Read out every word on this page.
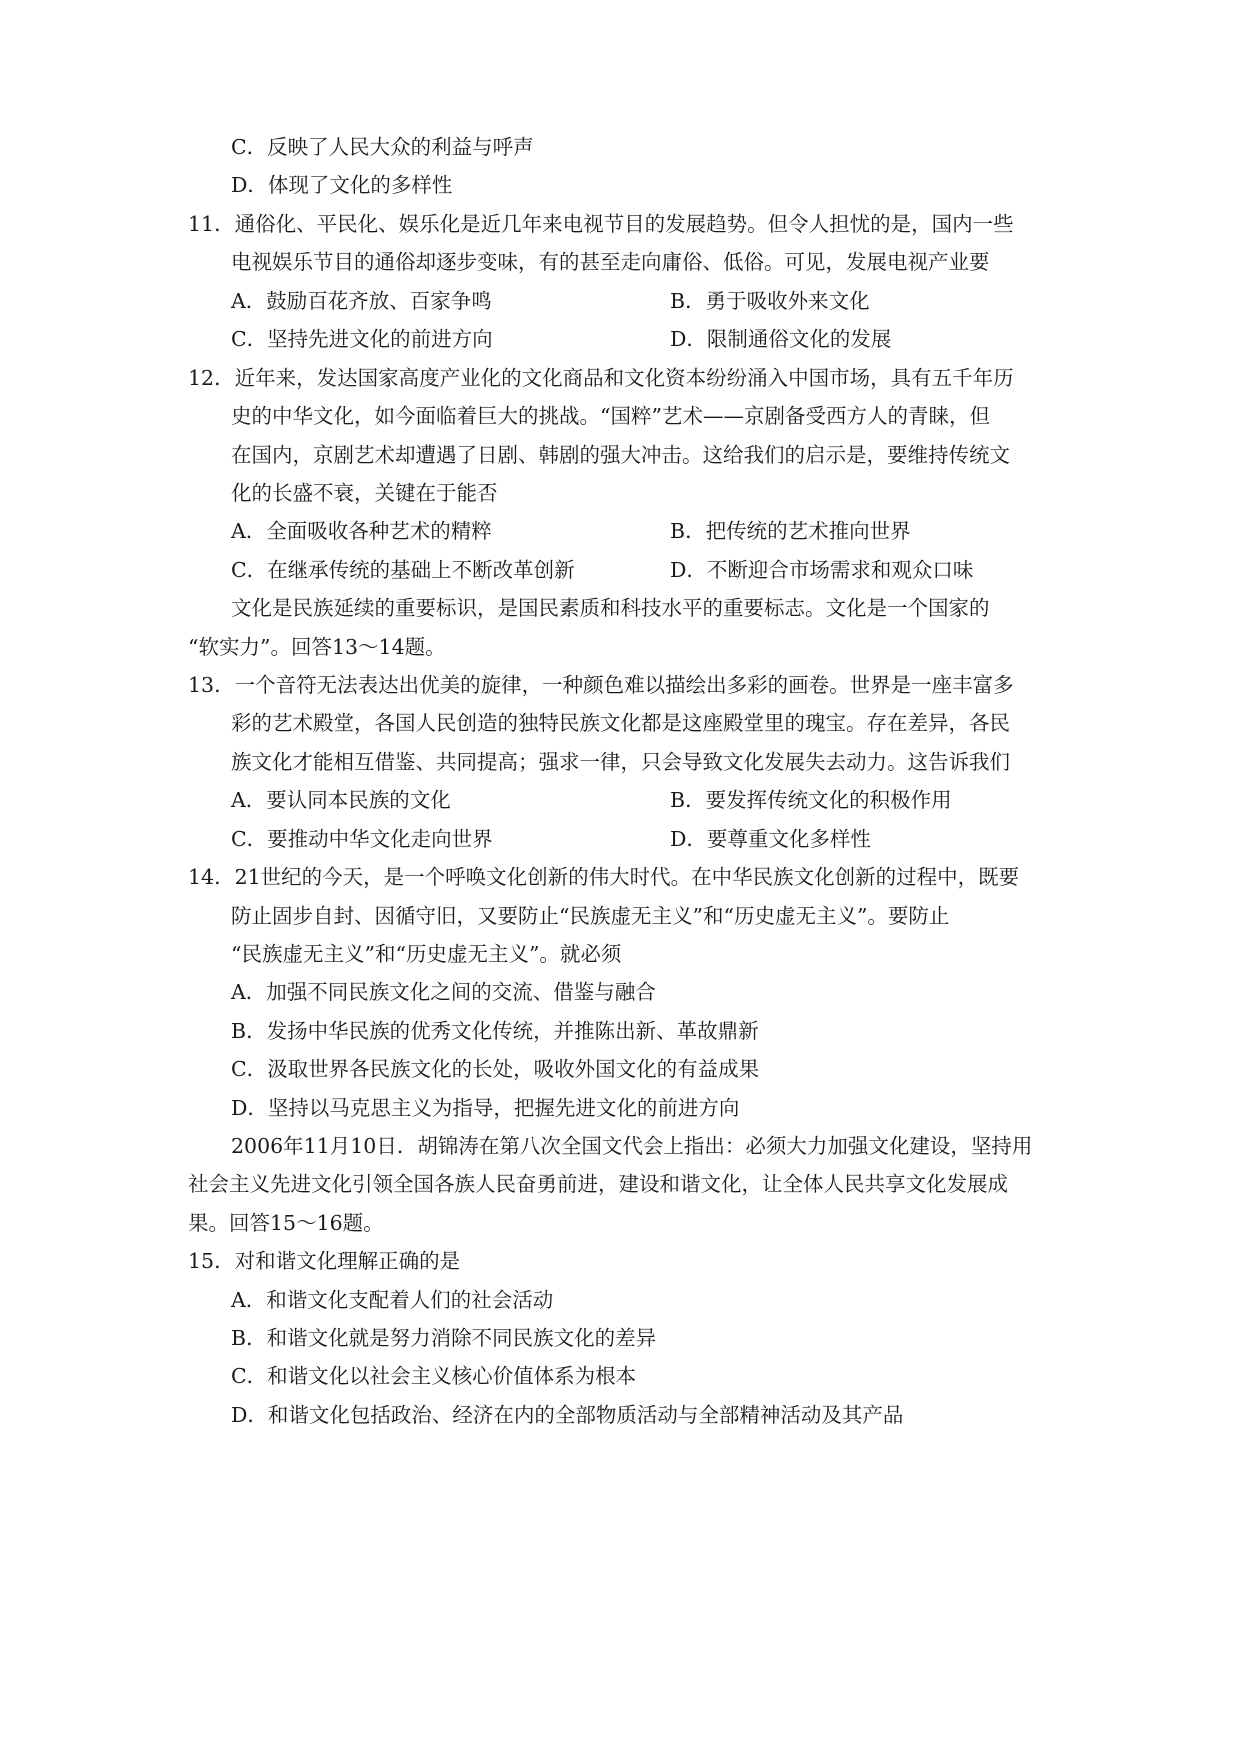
C．反映了人民大众的利益与呼声
D．体现了文化的多样性
11．通俗化、平民化、娱乐化是近几年来电视节目的发展趋势。但令人担忧的是，国内一些
电视娱乐节目的通俗却逐步变味，有的甚至走向庸俗、低俗。可见，发展电视产业要
A．鼓励百花齐放、百家争鸣	B．勇于吸收外来文化
C．坚持先进文化的前进方向	D．限制通俗文化的发展
12．近年来，发达国家高度产业化的文化商品和文化资本纷纷涌入中国市场，具有五千年历
史的中华文化，如今面临着巨大的挑战。“国粹”艺术——京剧备受西方人的青睐，但
在国内，京剧艺术却遭遇了日剧、韩剧的强大冲击。这给我们的启示是，要维持传统文
化的长盛不衰，关键在于能否
A．全面吸收各种艺术的精粹	B．把传统的艺术推向世界
C．在继承传统的基础上不断改革创新	D．不断迎合市场需求和观众口味
文化是民族延续的重要标识，是国民素质和科技水平的重要标志。文化是一个国家的
“软实力”。回答13～14题。
13．一个音符无法表达出优美的旋律，一种颜色难以描绘出多彩的画卷。世界是一座丰富多
彩的艺术殿堂，各国人民创造的独特民族文化都是这座殿堂里的瑰宝。存在差异，各民
族文化才能相互借鉴、共同提高；强求一律，只会导致文化发展失去动力。这告诉我们
A．要认同本民族的文化	B．要发挥传统文化的积极作用
C．要推动中华文化走向世界	D．要尊重文化多样性
14．21世纪的今天，是一个呼唤文化创新的伟大时代。在中华民族文化创新的过程中，既要
防止固步自封、因循守旧，又要防止“民族虚无主义”和“历史虚无主义”。要防止
“民族虚无主义”和“历史虚无主义”。就必须
A．加强不同民族文化之间的交流、借鉴与融合
B．发扬中华民族的优秀文化传统，并推陈出新、革故鼎新
C．汲取世界各民族文化的长处，吸收外国文化的有益成果
D．坚持以马克思主义为指导，把握先进文化的前进方向
2006年11月10日．胡锦涛在第八次全国文代会上指出：必须大力加强文化建设，坚持用
社会主义先进文化引领全国各族人民奋勇前进，建设和谐文化，让全体人民共享文化发展成
果。回答15～16题。
15．对和谐文化理解正确的是
A．和谐文化支配着人们的社会活动
B．和谐文化就是努力消除不同民族文化的差异
C．和谐文化以社会主义核心价值体系为根本
D．和谐文化包括政治、经济在内的全部物质活动与全部精神活动及其产品
